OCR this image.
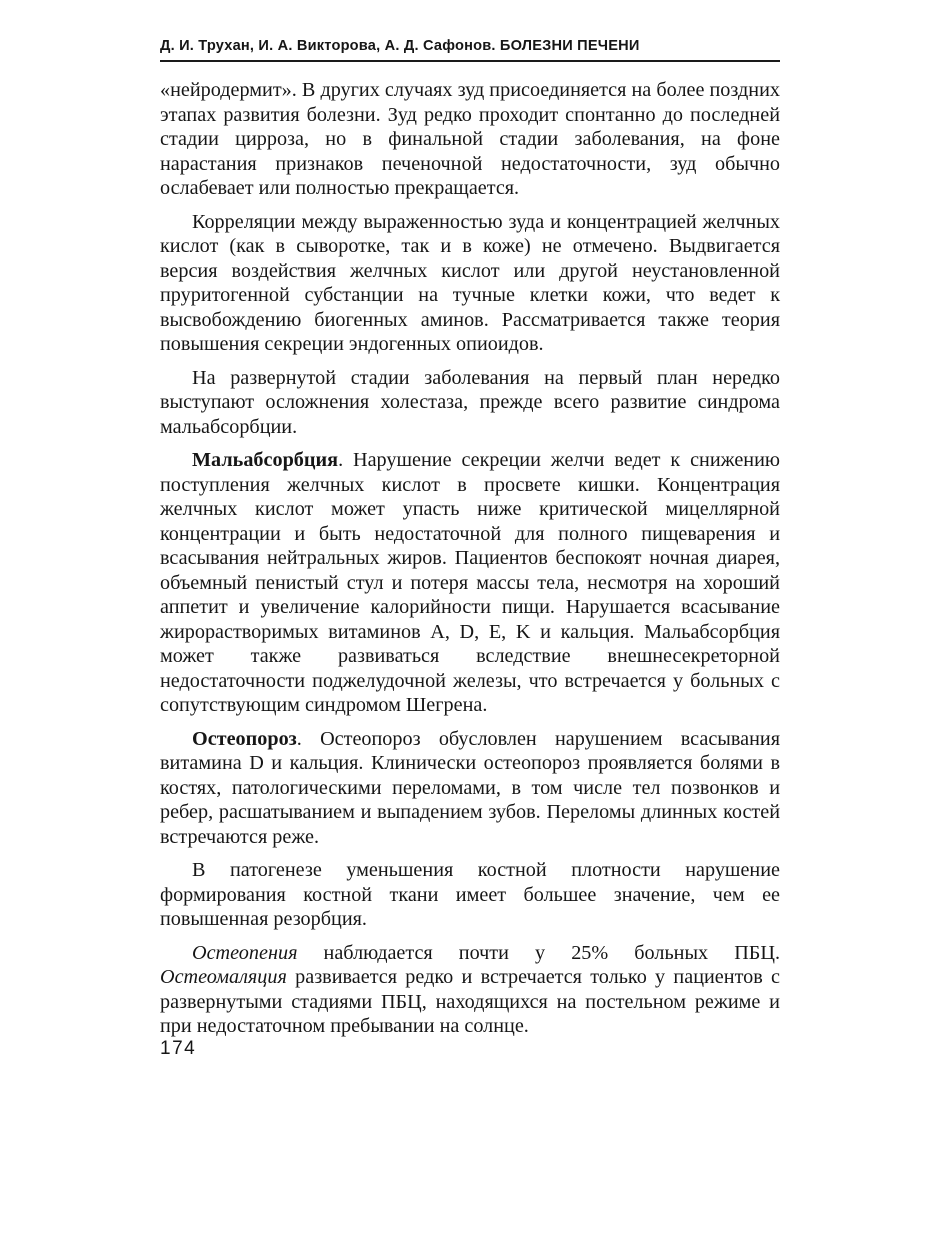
Д. И. Трухан, И. А. Викторова, А. Д. Сафонов. БОЛЕЗНИ ПЕЧЕНИ

«нейродермит». В других случаях зуд присоединяется на более поздних этапах развития болезни. Зуд редко проходит спонтанно до последней стадии цирроза, но в финальной стадии заболевания, на фоне нарастания признаков печеночной недостаточности, зуд обычно ослабевает или полностью прекращается.

Корреляции между выраженностью зуда и концентрацией желчных кислот (как в сыворотке, так и в коже) не отмечено. Выдвигается версия воздействия желчных кислот или другой неустановленной пруритогенной субстанции на тучные клетки кожи, что ведет к высвобождению биогенных аминов. Рассматривается также теория повышения секреции эндогенных опиоидов.

На развернутой стадии заболевания на первый план нередко выступают осложнения холестаза, прежде всего развитие синдрома мальабсорбции.

Мальабсорбция. Нарушение секреции желчи ведет к снижению поступления желчных кислот в просвете кишки. Концентрация желчных кислот может упасть ниже критической мицеллярной концентрации и быть недостаточной для полного пищеварения и всасывания нейтральных жиров. Пациентов беспокоят ночная диарея, объемный пенистый стул и потеря массы тела, несмотря на хороший аппетит и увеличение калорийности пищи. Нарушается всасывание жирорастворимых витаминов A, D, E, K и кальция. Мальабсорбция может также развиваться вследствие внешнесекреторной недостаточности поджелудочной железы, что встречается у больных с сопутствующим синдромом Шегрена.

Остеопороз. Остеопороз обусловлен нарушением всасывания витамина D и кальция. Клинически остеопороз проявляется болями в костях, патологическими переломами, в том числе тел позвонков и ребер, расшатыванием и выпадением зубов. Переломы длинных костей встречаются реже.

В патогенезе уменьшения костной плотности нарушение формирования костной ткани имеет большее значение, чем ее повышенная резорбция.

Остеопения наблюдается почти у 25% больных ПБЦ. Остеомаляция развивается редко и встречается только у пациентов с развернутыми стадиями ПБЦ, находящихся на постельном режиме и при недостаточном пребывании на солнце.

174
